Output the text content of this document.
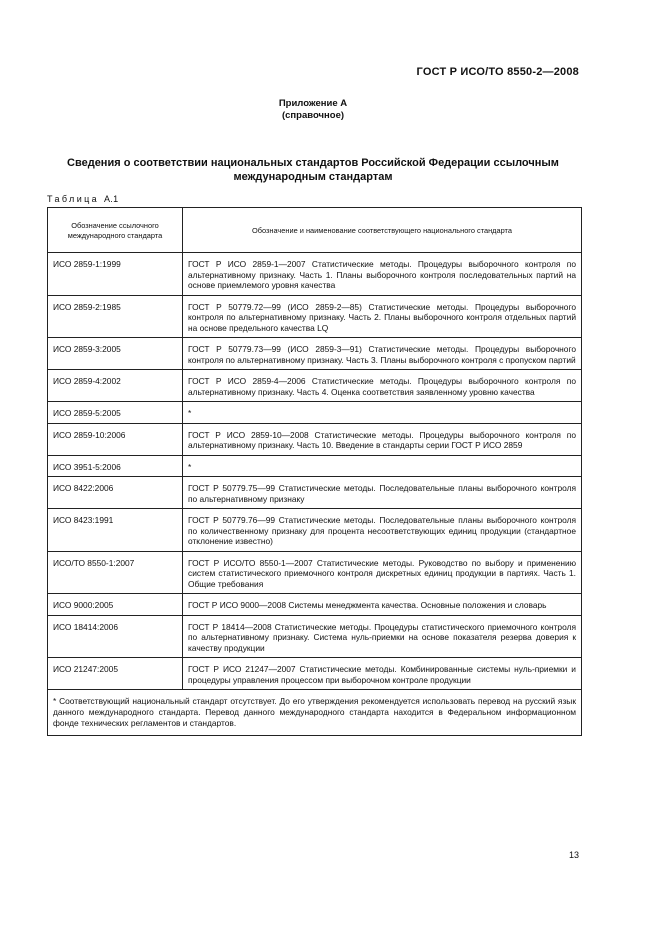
ГОСТ Р ИСО/ТО 8550-2—2008
Приложение А
(справочное)
Сведения о соответствии национальных стандартов Российской Федерации ссылочным
международным стандартам
Таблица А.1
Обозначение ссылочного международного стандарта	Обозначение и наименование соответствующего национального стандарта
ИСО 2859-1:1999	ГОСТ Р ИСО 2859-1—2007 Статистические методы. Процедуры выборочного контроля по альтернативному признаку. Часть 1. Планы выборочного контроля последовательных партий на основе приемлемого уровня качества
ИСО 2859-2:1985	ГОСТ Р 50779.72—99 (ИСО 2859-2—85) Статистические методы. Процедуры выборочного контроля по альтернативному признаку. Часть 2. Планы выборочного контроля отдельных партий на основе предельного качества LQ
ИСО 2859-3:2005	ГОСТ Р 50779.73—99 (ИСО 2859-3—91) Статистические методы. Процедуры выборочного контроля по альтернативному признаку. Часть 3. Планы выборочного контроля с пропуском партий
ИСО 2859-4:2002	ГОСТ Р ИСО 2859-4—2006 Статистические методы. Процедуры выборочного контроля по альтернативному признаку. Часть 4. Оценка соответствия заявленному уровню качества
ИСО 2859-5:2005	*
ИСО 2859-10:2006	ГОСТ Р ИСО 2859-10—2008 Статистические методы. Процедуры выборочного контроля по альтернативному признаку. Часть 10. Введение в стандарты серии ГОСТ Р ИСО 2859
ИСО 3951-5:2006	*
ИСО 8422:2006	ГОСТ Р 50779.75—99 Статистические методы. Последовательные планы выборочного контроля по альтернативному признаку
ИСО 8423:1991	ГОСТ Р 50779.76—99 Статистические методы. Последовательные планы выборочного контроля по количественному признаку для процента несоответствующих единиц продукции (стандартное отклонение известно)
ИСО/ТО 8550-1:2007	ГОСТ Р ИСО/ТО 8550-1—2007 Статистические методы. Руководство по выбору и применению систем статистического приемочного контроля дискретных единиц продукции в партиях. Часть 1. Общие требования
ИСО 9000:2005	ГОСТ Р ИСО 9000—2008 Системы менеджмента качества. Основные положения и словарь
ИСО 18414:2006	ГОСТ Р 18414—2008 Статистические методы. Процедуры статистического приемочного контроля по альтернативному признаку. Система нуль-приемки на основе показателя резерва доверия к качеству продукции
ИСО 21247:2005	ГОСТ Р ИСО 21247—2007 Статистические методы. Комбинированные системы нуль-приемки и процедуры управления процессом при выборочном контроле продукции
* Соответствующий национальный стандарт отсутствует. До его утверждения рекомендуется использовать перевод на русский язык данного международного стандарта. Перевод данного международного стандарта находится в Федеральном информационном фонде технических регламентов и стандартов.	
13
